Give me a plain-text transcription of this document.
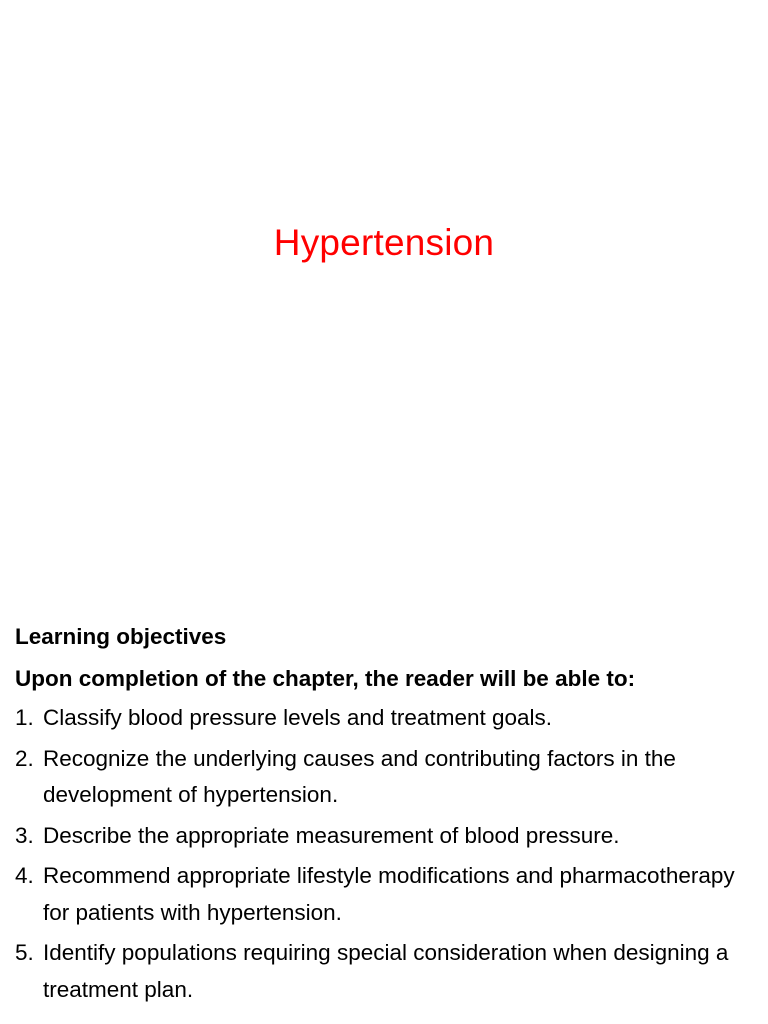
Hypertension
Learning objectives
Upon completion of the chapter, the reader will be able to:
1. Classify blood pressure levels and treatment goals.
2. Recognize the underlying causes and contributing factors in the development of hypertension.
3. Describe the appropriate measurement of blood pressure.
4. Recommend appropriate lifestyle modifications and pharmacotherapy for patients with hypertension.
5. Identify populations requiring special consideration when designing a treatment plan.
